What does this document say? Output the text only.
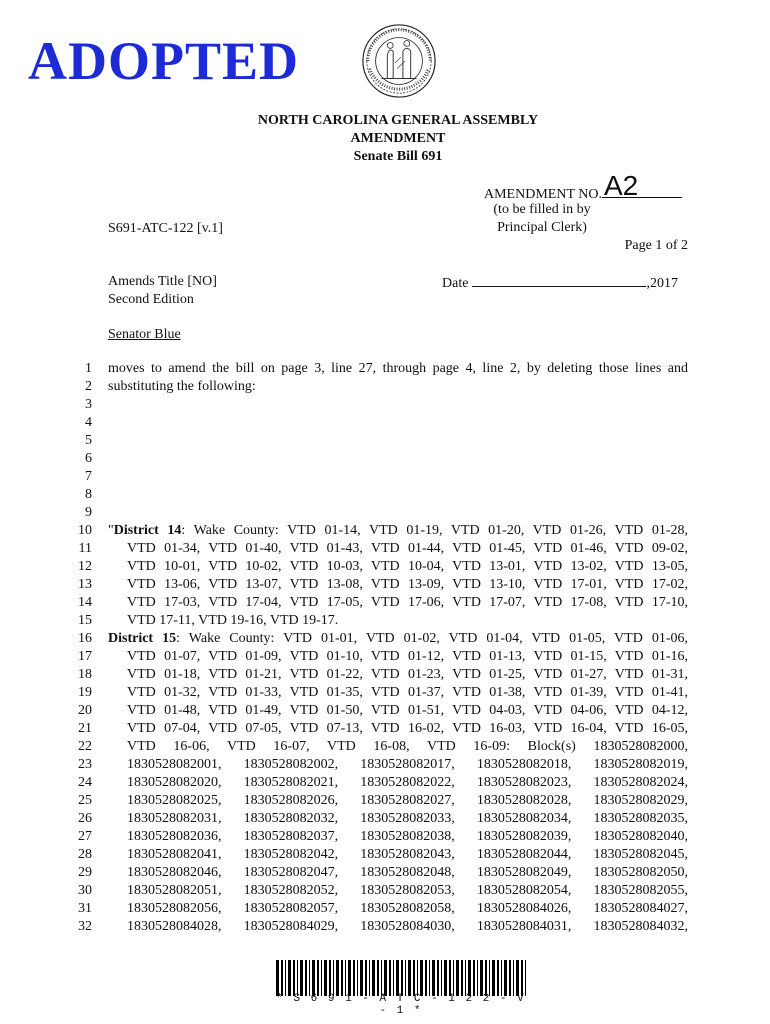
ADOPTED
NORTH CAROLINA GENERAL ASSEMBLY
AMENDMENT
Senate Bill 691
AMENDMENT NO. A2
(to be filled in by
Principal Clerk)
S691-ATC-122 [v.1]
Page 1 of 2
Amends Title [NO]
Second Edition
Date	,2017
Senator Blue
1
2
3
4
5
6
7
8
9
10
11
12
13
14
15
16
17
18
19
20
21
22
23
24
25
26
27
28
29
30
31
32
moves to amend the bill on page 3, line 27, through page 4, line 2, by deleting those lines and
substituting the following:
"District 14: Wake County: VTD 01-14, VTD 01-19, VTD 01-20, VTD 01-26, VTD 01-28,
VTD 01-34, VTD 01-40, VTD 01-43, VTD 01-44, VTD 01-45, VTD 01-46, VTD 09-02,
VTD 10-01, VTD 10-02, VTD 10-03, VTD 10-04, VTD 13-01, VTD 13-02, VTD 13-05,
VTD 13-06, VTD 13-07, VTD 13-08, VTD 13-09, VTD 13-10, VTD 17-01, VTD 17-02,
VTD 17-03, VTD 17-04, VTD 17-05, VTD 17-06, VTD 17-07, VTD 17-08, VTD 17-10,
VTD 17-11, VTD 19-16, VTD 19-17.
District 15: Wake County: VTD 01-01, VTD 01-02, VTD 01-04, VTD 01-05, VTD 01-06,
VTD 01-07, VTD 01-09, VTD 01-10, VTD 01-12, VTD 01-13, VTD 01-15, VTD 01-16,
VTD 01-18, VTD 01-21, VTD 01-22, VTD 01-23, VTD 01-25, VTD 01-27, VTD 01-31,
VTD 01-32, VTD 01-33, VTD 01-35, VTD 01-37, VTD 01-38, VTD 01-39, VTD 01-41,
VTD 01-48, VTD 01-49, VTD 01-50, VTD 01-51, VTD 04-03, VTD 04-06, VTD 04-12,
VTD 07-04, VTD 07-05, VTD 07-13, VTD 16-02, VTD 16-03, VTD 16-04, VTD 16-05,
VTD 16-06, VTD 16-07, VTD 16-08, VTD 16-09: Block(s) 1830528082000,
1830528082001, 1830528082002, 1830528082017, 1830528082018, 1830528082019,
1830528082020, 1830528082021, 1830528082022, 1830528082023, 1830528082024,
1830528082025, 1830528082026, 1830528082027, 1830528082028, 1830528082029,
1830528082031, 1830528082032, 1830528082033, 1830528082034, 1830528082035,
1830528082036, 1830528082037, 1830528082038, 1830528082039, 1830528082040,
1830528082041, 1830528082042, 1830528082043, 1830528082044, 1830528082045,
1830528082046, 1830528082047, 1830528082048, 1830528082049, 1830528082050,
1830528082051, 1830528082052, 1830528082053, 1830528082054, 1830528082055,
1830528082056, 1830528082057, 1830528082058, 1830528084026, 1830528084027,
1830528084028, 1830528084029, 1830528084030, 1830528084031, 1830528084032,
* S 6 9 1 - A T C - 1 2 2 - V - 1 *
